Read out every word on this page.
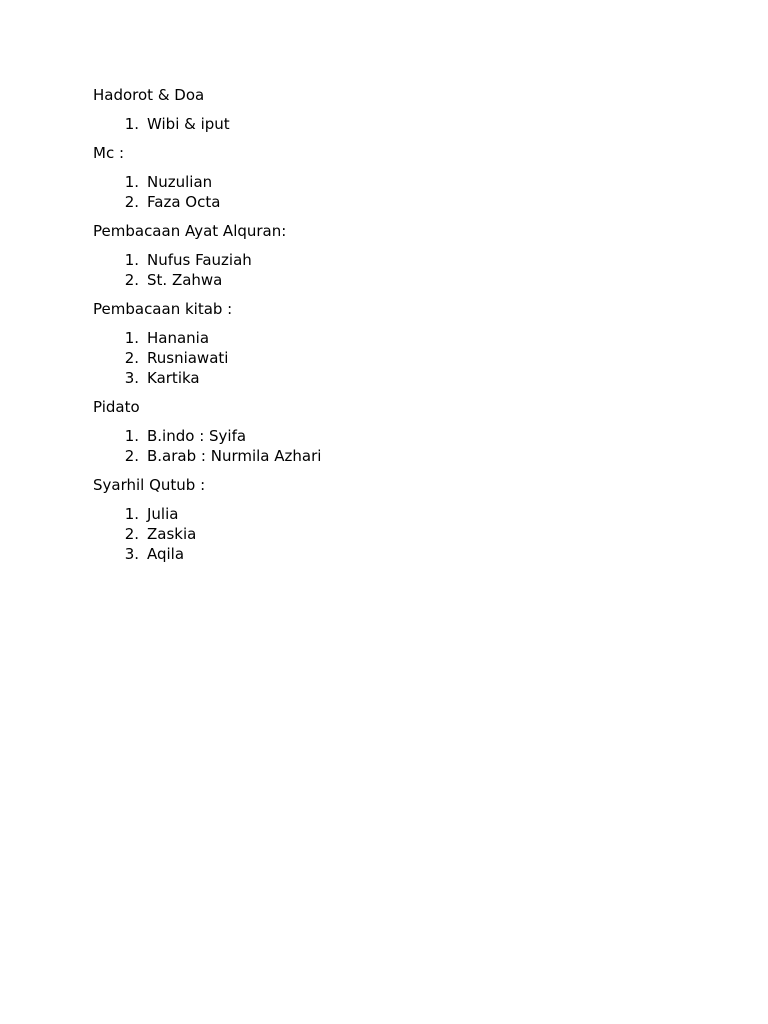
Hadorot & Doa
1. Wibi & iput
Mc :
1. Nuzulian
2. Faza Octa
Pembacaan Ayat Alquran:
1. Nufus Fauziah
2. St. Zahwa
Pembacaan kitab :
1. Hanania
2. Rusniawati
3. Kartika
Pidato
1. B.indo : Syifa
2. B.arab : Nurmila Azhari
Syarhil Qutub :
1. Julia
2. Zaskia
3. Aqila
